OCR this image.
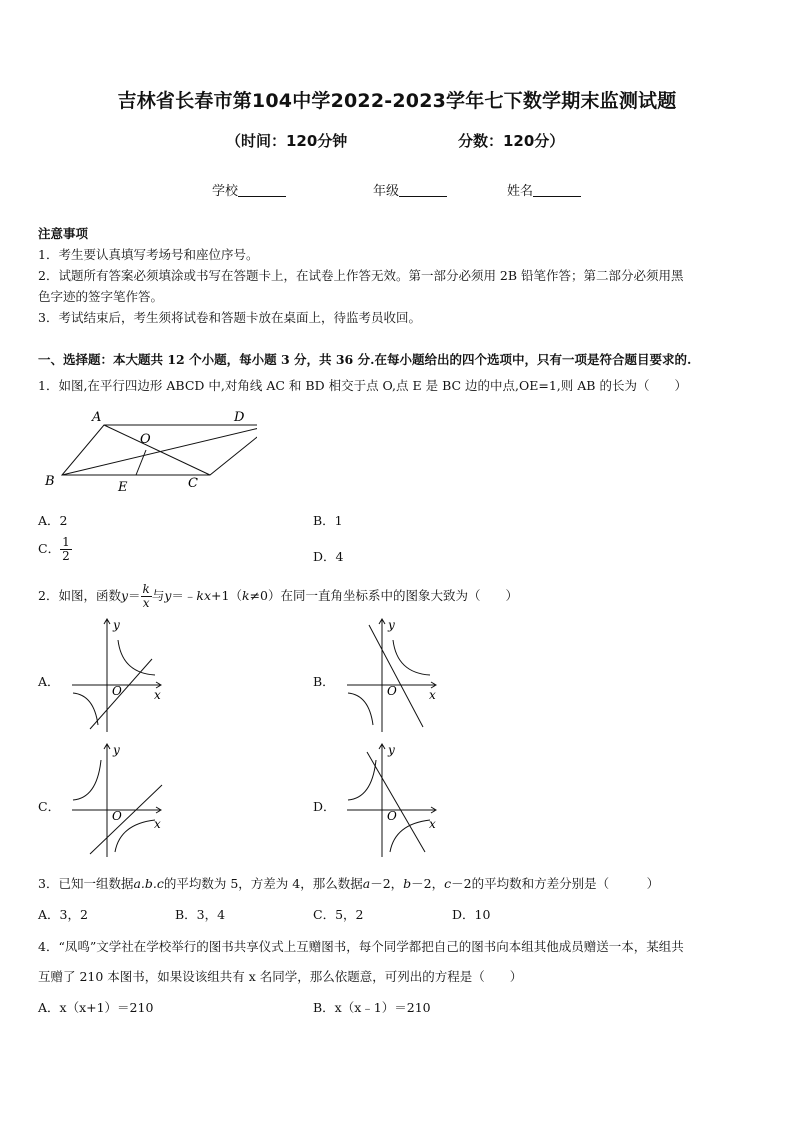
吉林省长春市第104中学2022-2023学年七下数学期末监测试题
（时间：120分钟	分数：120分）
学校	年级	姓名
注意事项
1．考生要认真填写考场号和座位序号。
2．试题所有答案必须填涂或书写在答题卡上，在试卷上作答无效。第一部分必须用 2B 铅笔作答；第二部分必须用黑
色字迹的签字笔作答。
3．考试结束后，考生须将试卷和答题卡放在桌面上，待监考员收回。
一、选择题：本大题共 12 个小题，每小题 3 分，共 36 分.在每小题给出的四个选项中，只有一项是符合题目要求的.
1．如图,在平行四边形 ABCD 中,对角线 AC 和 BD 相交于点 O,点 E 是 BC 边的中点,OE=1,则 AB 的长为（　　）
A	D
O
B	E	C
A．2	B．1
C． $\frac{1}{2}$	D．4
2．如图，函数$y= \frac{k}{x}$ 与y＝﹣kx+1（k≠0）在同一直角坐标系中的图象大致为（　　）
A．	B．
C．	D．
y
x
O
y
x
O
y
x
O
y
x
O
3．已知一组数据a.b.c的平均数为 5，方差为 4，那么数据a－2，b－2，c－2的平均数和方差分别是（　　　）
A．3，2	B．3，4	C．5，2	D．10
4．“凤鸣”文学社在学校举行的图书共享仪式上互赠图书，每个同学都把自己的图书向本组其他成员赠送一本，某组共
互赠了 210 本图书，如果设该组共有 x 名同学，那么依题意，可列出的方程是（　　）
A．x（x+1）＝210	B．x（x﹣1）＝210
